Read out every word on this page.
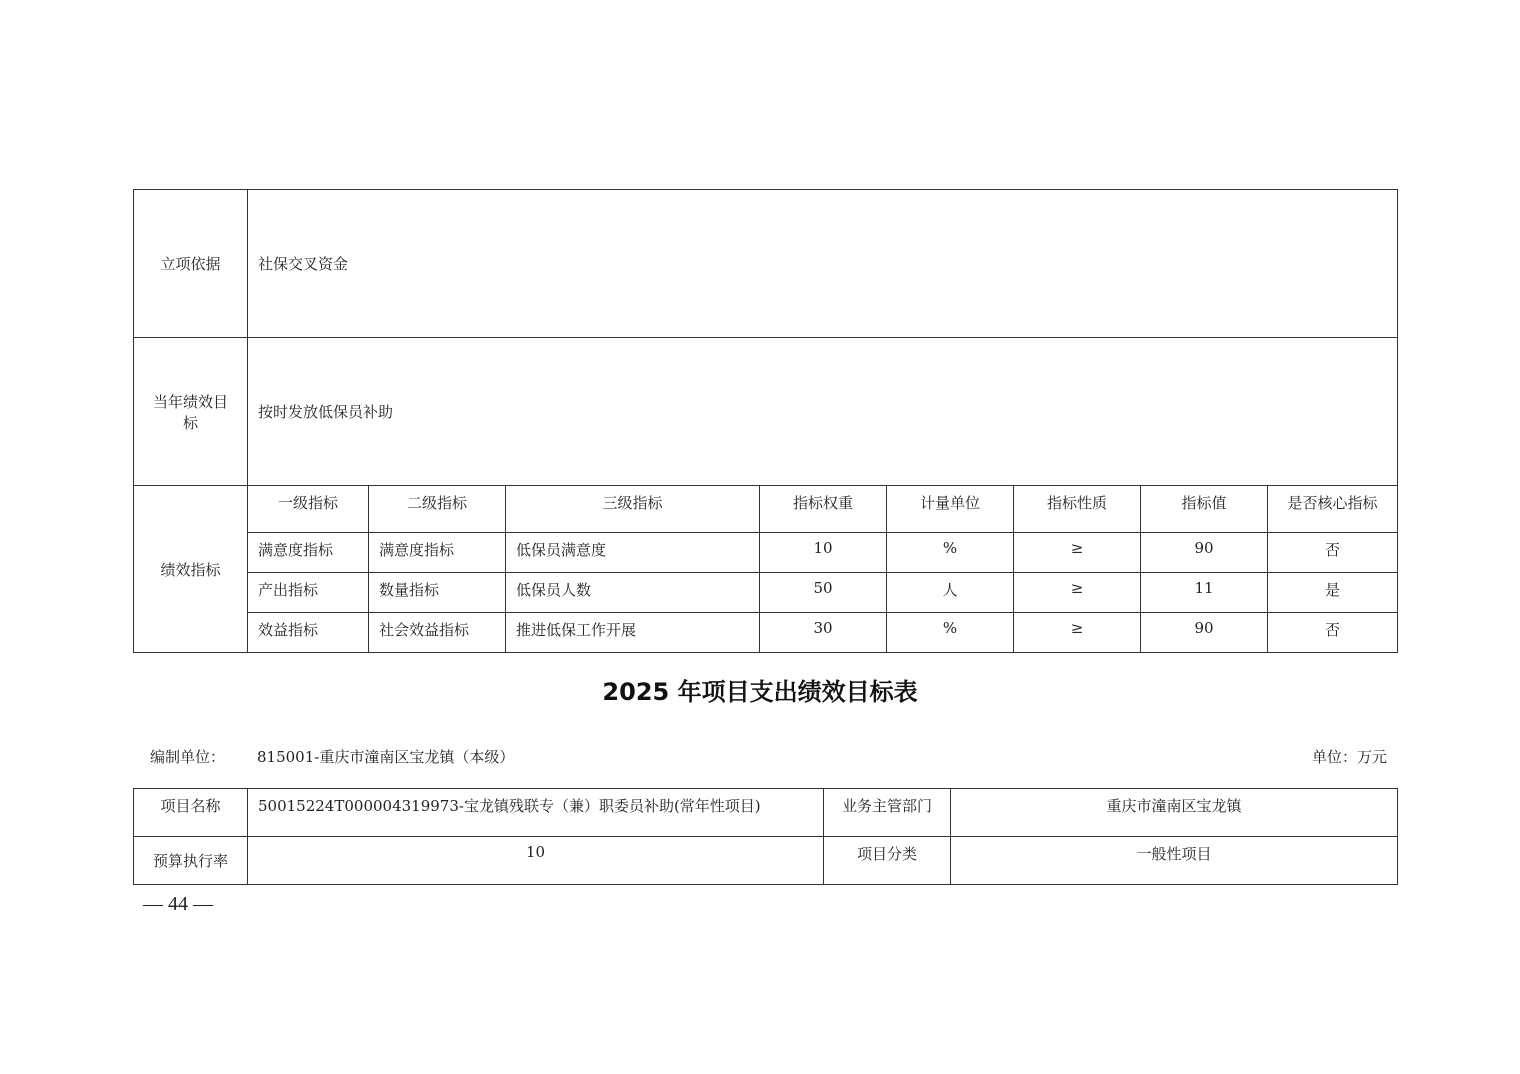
立项依据	社保交叉资金							
当年绩效目
标	按时发放低保员补助							
绩效指标	一级指标	二级指标	三级指标	指标权重	计量单位	指标性质	指标值	是否核心指标
	满意度指标	满意度指标	低保员满意度	10	%	≥	90	否
	产出指标	数量指标	低保员人数	50	人	≥	11	是
	效益指标	社会效益指标	推进低保工作开展	30	%	≥	90	否
2025 年项目支出绩效目标表
编制单位： 815001-重庆市潼南区宝龙镇（本级）	单位：万元
项目名称	50015224T000004319973-宝龙镇残联专（兼）职委员补助(常年性项目)	业务主管部门	重庆市潼南区宝龙镇
预算执行率	10	项目分类	一般性项目
— 44 —
